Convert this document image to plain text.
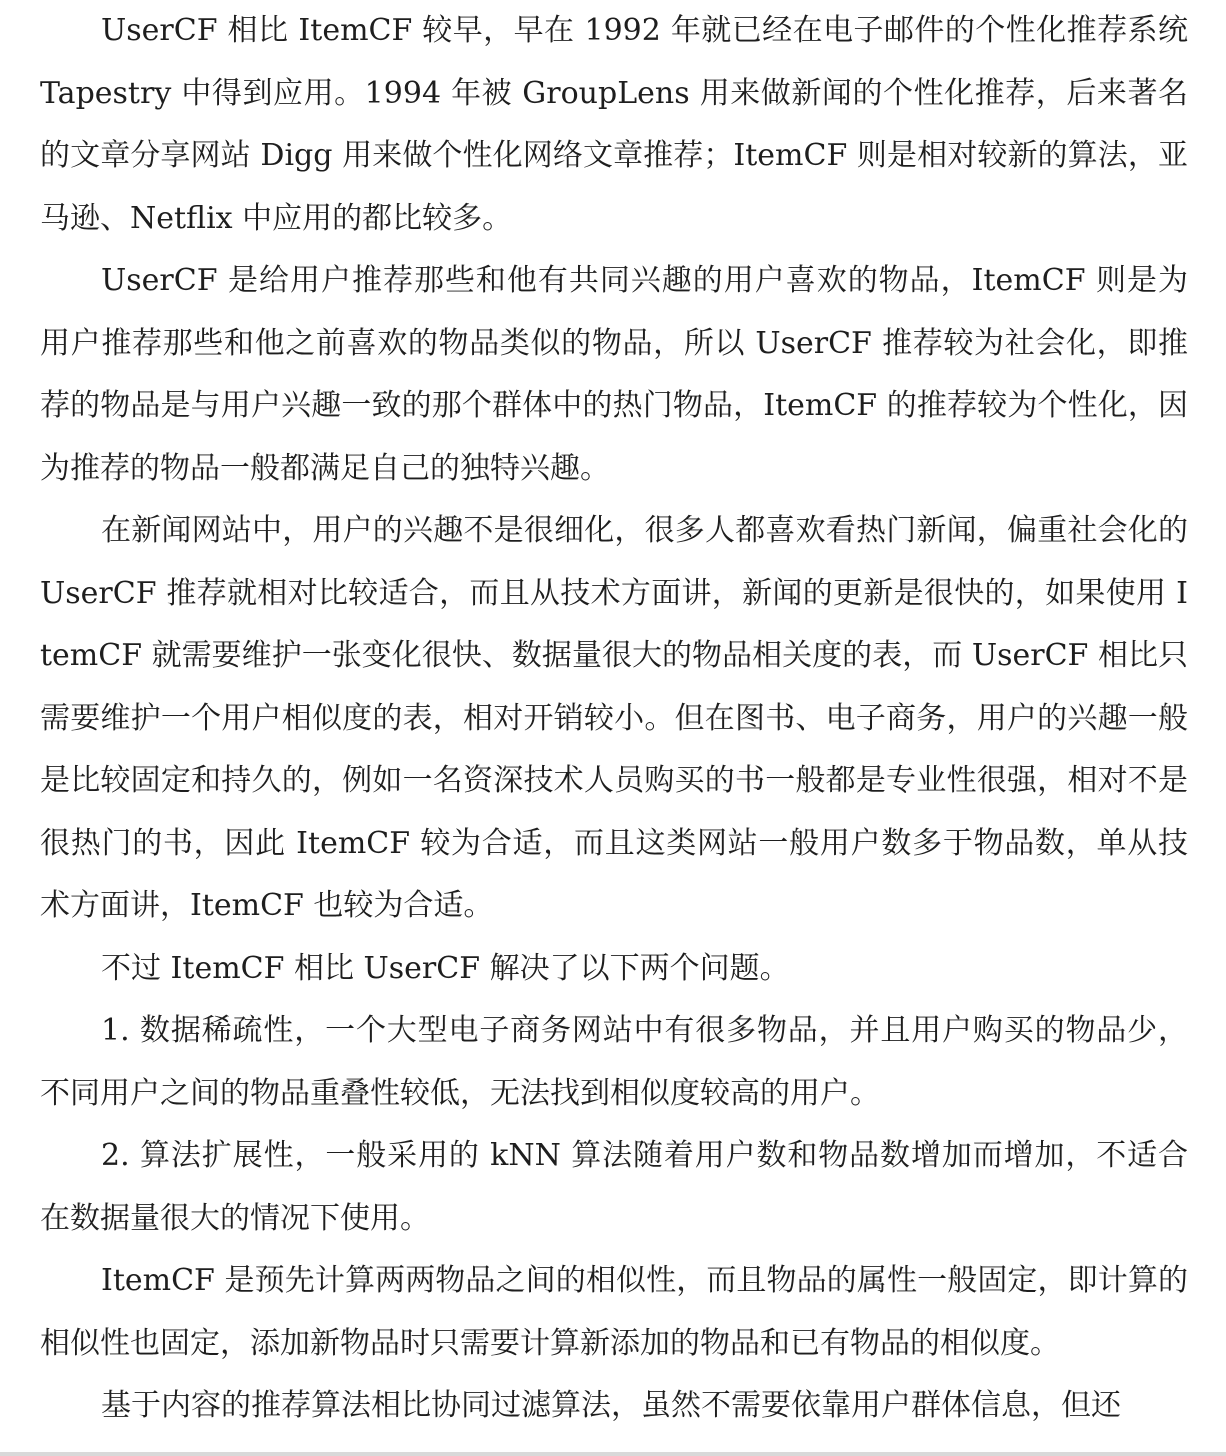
UserCF 相比 ItemCF 较早，早在 1992 年就已经在电子邮件的个性化推荐系统 Tapestry 中得到应用。1994 年被 GroupLens 用来做新闻的个性化推荐，后来著名的文章分享网站 Digg 用来做个性化网络文章推荐；ItemCF 则是相对较新的算法，亚马逊、Netflix 中应用的都比较多。

UserCF 是给用户推荐那些和他有共同兴趣的用户喜欢的物品，ItemCF 则是为用户推荐那些和他之前喜欢的物品类似的物品，所以 UserCF 推荐较为社会化，即推荐的物品是与用户兴趣一致的那个群体中的热门物品，ItemCF 的推荐较为个性化，因为推荐的物品一般都满足自己的独特兴趣。

在新闻网站中，用户的兴趣不是很细化，很多人都喜欢看热门新闻，偏重社会化的 UserCF 推荐就相对比较适合，而且从技术方面讲，新闻的更新是很快的，如果使用 ItemCF 就需要维护一张变化很快、数据量很大的物品相关度的表，而 UserCF 相比只需要维护一个用户相似度的表，相对开销较小。但在图书、电子商务，用户的兴趣一般是比较固定和持久的，例如一名资深技术人员购买的书一般都是专业性很强，相对不是很热门的书，因此 ItemCF 较为合适，而且这类网站一般用户数多于物品数，单从技术方面讲，ItemCF 也较为合适。

不过 ItemCF 相比 UserCF 解决了以下两个问题。

1. 数据稀疏性，一个大型电子商务网站中有很多物品，并且用户购买的物品少，不同用户之间的物品重叠性较低，无法找到相似度较高的用户。

2. 算法扩展性，一般采用的 kNN 算法随着用户数和物品数增加而增加，不适合在数据量很大的情况下使用。

ItemCF 是预先计算两两物品之间的相似性，而且物品的属性一般固定，即计算的相似性也固定，添加新物品时只需要计算新添加的物品和已有物品的相似度。

基于内容的推荐算法相比协同过滤算法，虽然不需要依靠用户群体信息，但还
